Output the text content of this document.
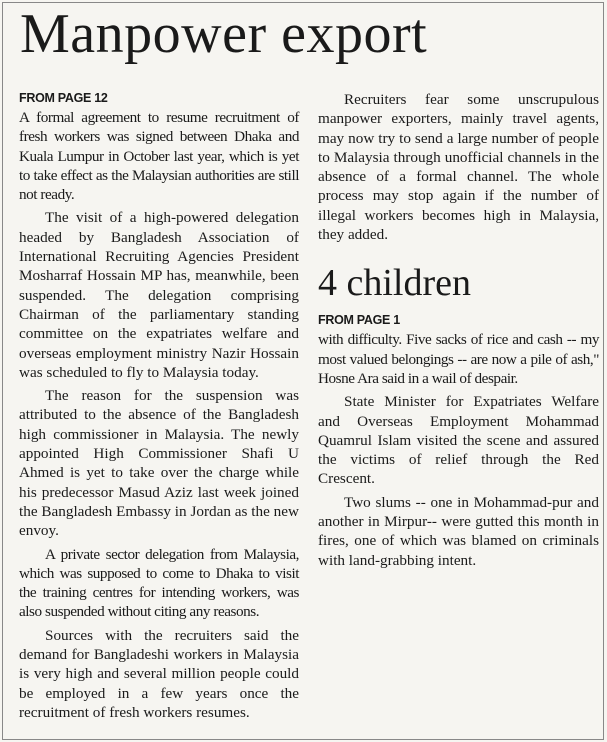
Manpower export
FROM PAGE 12

A formal agreement to resume recruitment of fresh workers was signed between Dhaka and Kuala Lumpur in October last year, which is yet to take effect as the Malaysian authorities are still not ready.

The visit of a high-powered delegation headed by Bangladesh Association of International Recruiting Agencies President Mosharraf Hossain MP has, meanwhile, been suspended. The delegation comprising Chairman of the parliamentary standing committee on the expatriates welfare and overseas employment ministry Nazir Hossain was scheduled to fly to Malaysia today.

The reason for the suspension was attributed to the absence of the Bangladesh high commissioner in Malaysia. The newly appointed High Commissioner Shafi U Ahmed is yet to take over the charge while his predecessor Masud Aziz last week joined the Bangladesh Embassy in Jordan as the new envoy.

A private sector delegation from Malaysia, which was supposed to come to Dhaka to visit the training centres for intending workers, was also suspended without citing any reasons.

Sources with the recruiters said the demand for Bangladeshi workers in Malaysia is very high and several million people could be employed in a few years once the recruitment of fresh workers resumes.

Recruiters fear some unscrupulous manpower exporters, mainly travel agents, may now try to send a large number of people to Malaysia through unofficial channels in the absence of a formal channel. The whole process may stop again if the number of illegal workers becomes high in Malaysia, they added.

4 children
FROM PAGE 1

with difficulty. Five sacks of rice and cash -- my most valued belongings -- are now a pile of ash," Hosne Ara said in a wail of despair.

State Minister for Expatriates Welfare and Overseas Employment Mohammad Quamrul Islam visited the scene and assured the victims of relief through the Red Crescent.

Two slums -- one in Mohammad-pur and another in Mirpur-- were gutted this month in fires, one of which was blamed on criminals with land-grabbing intent.
